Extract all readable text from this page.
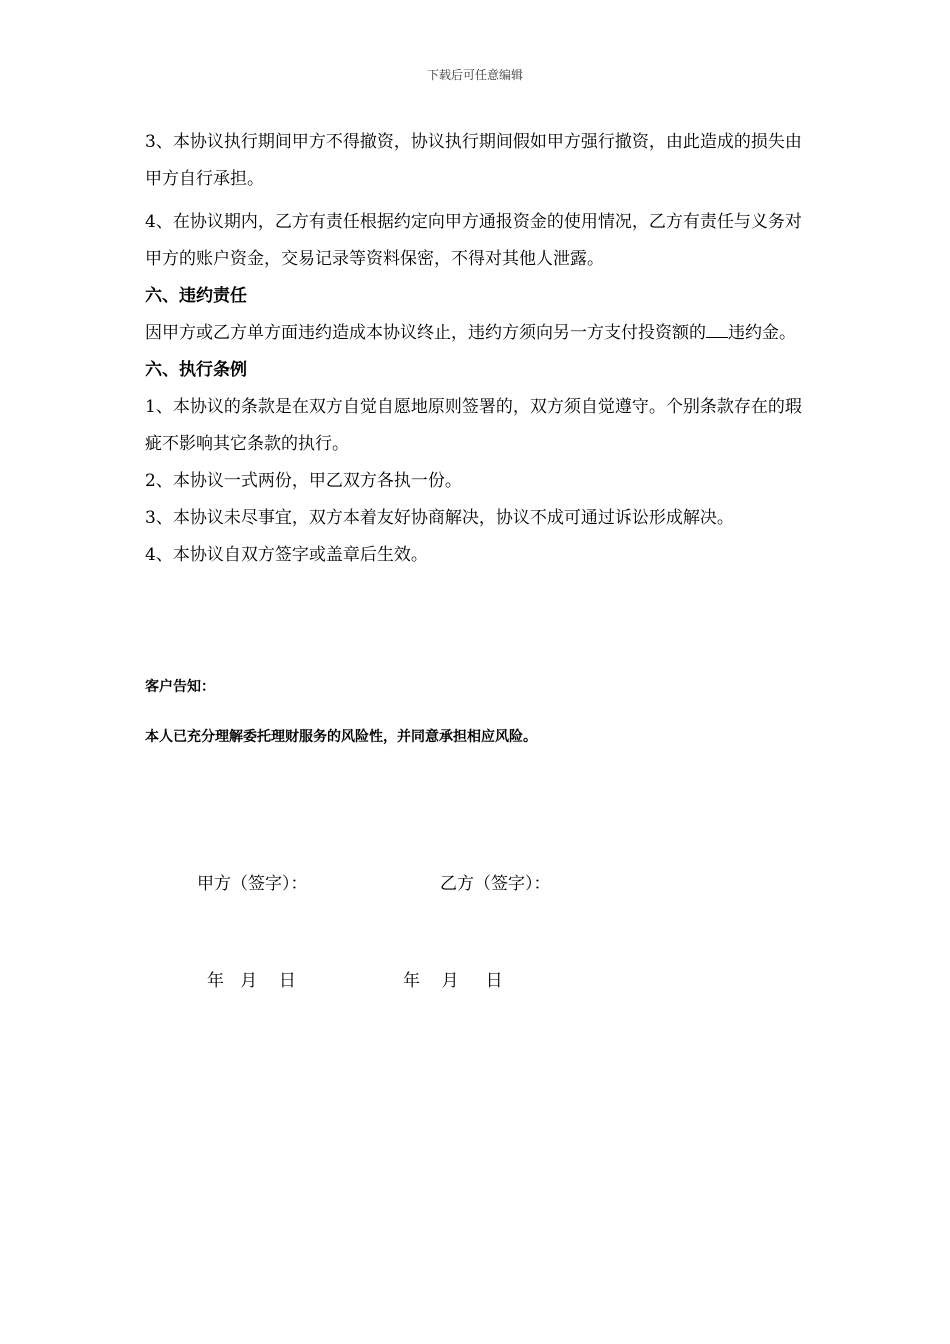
下载后可任意编辑

3、本协议执行期间甲方不得撤资，协议执行期间假如甲方强行撤资，由此造成的损失由甲方自行承担。

4、在协议期内，乙方有责任根据约定向甲方通报资金的使用情况，乙方有责任与义务对甲方的账户资金，交易记录等资料保密，不得对其他人泄露。

六、违约责任

因甲方或乙方单方面违约造成本协议终止，违约方须向另一方支付投资额的 违约金。

六、执行条例

1、本协议的条款是在双方自觉自愿地原则签署的，双方须自觉遵守。个别条款存在的瑕疵不影响其它条款的执行。

2、本协议一式两份，甲乙双方各执一份。

3、本协议未尽事宜，双方本着友好协商解决，协议不成可通过诉讼形成解决。

4、本协议自双方签字或盖章后生效。

客户告知：
本人已充分理解委托理财服务的风险性，并同意承担相应风险。
甲方（签字）：	乙方（签字）：
年 月 日	年 月 日
